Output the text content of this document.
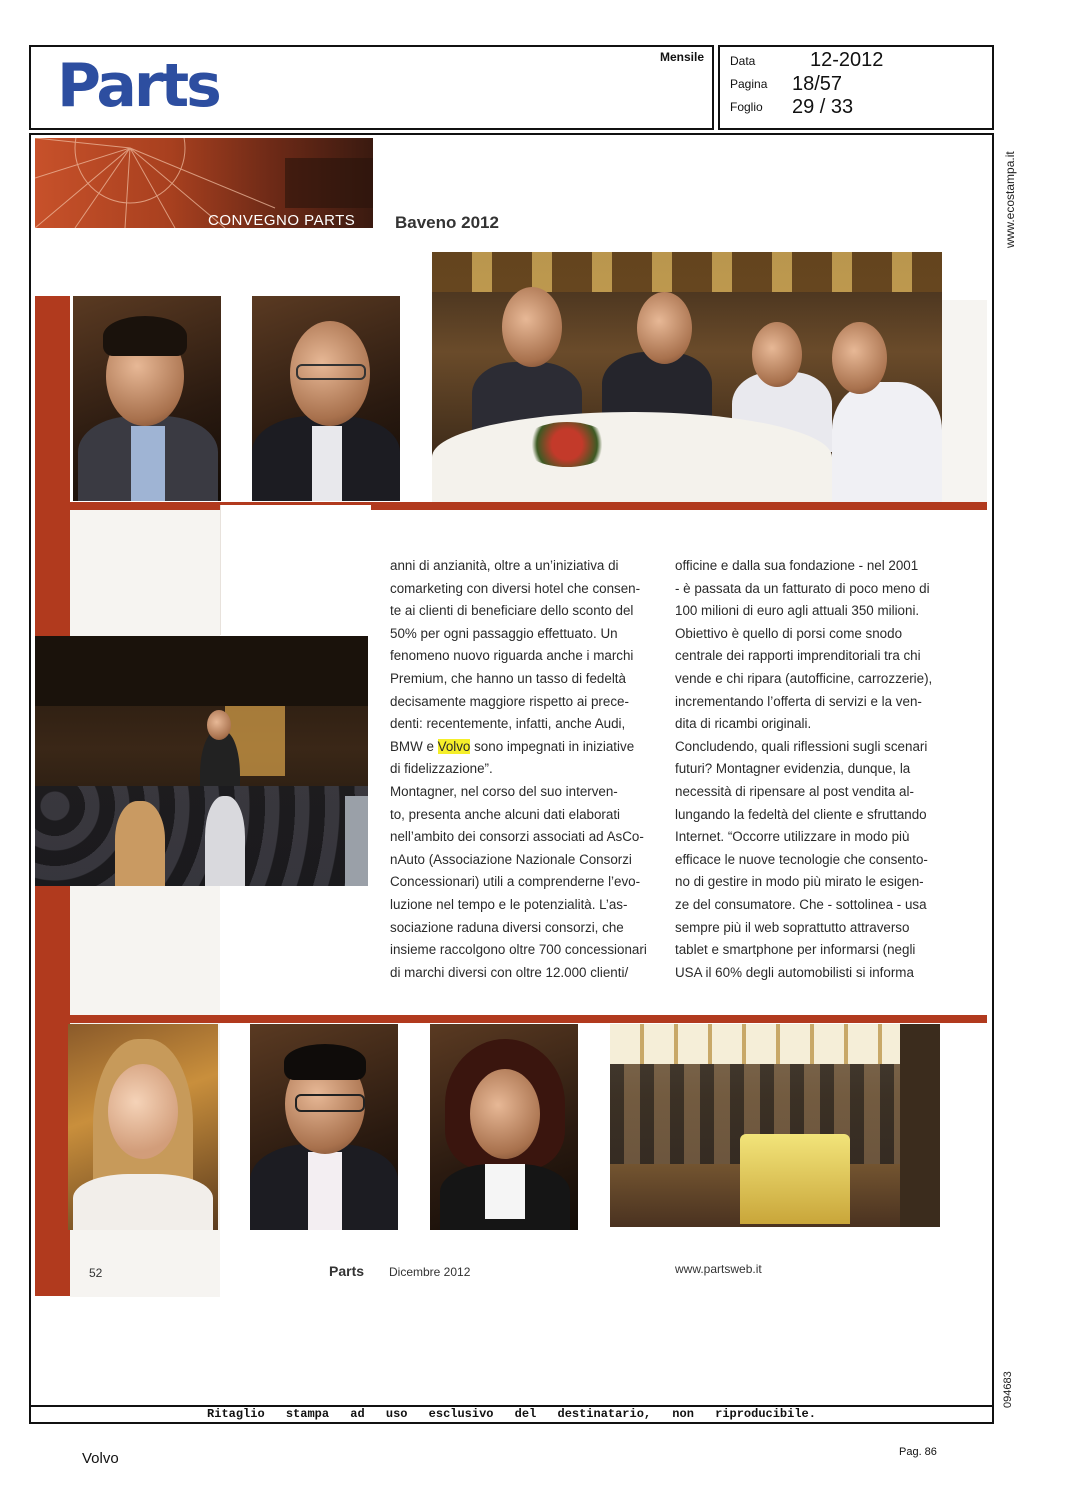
Parts	Mensile Data	12-2012
Pagina 18/57
Foglio 29 / 33
www.ecostampa.it
094683
CONVEGNO PARTS Baveno 2012
anni di anzianità, oltre a un’iniziativa di
comarketing con diversi hotel che consen-
te ai clienti di beneficiare dello sconto del
50% per ogni passaggio effettuato. Un
fenomeno nuovo riguarda anche i marchi
Premium, che hanno un tasso di fedeltà
decisamente maggiore rispetto ai prece-
denti: recentemente, infatti, anche Audi,
BMW e Volvo sono impegnati in iniziative
di fidelizzazione”.
Montagner, nel corso del suo interven-
to, presenta anche alcuni dati elaborati
nell’ambito dei consorzi associati ad AsCo-
nAuto (Associazione Nazionale Consorzi
Concessionari) utili a comprenderne l’evo-
luzione nel tempo e le potenzialità. L’as-
sociazione raduna diversi consorzi, che
insieme raccolgono oltre 700 concessionari
di marchi diversi con oltre 12.000 clienti/
officine e dalla sua fondazione - nel 2001
- è passata da un fatturato di poco meno di
100 milioni di euro agli attuali 350 milioni.
Obiettivo è quello di porsi come snodo
centrale dei rapporti imprenditoriali tra chi
vende e chi ripara (autofficine, carrozzerie),
incrementando l’offerta di servizi e la ven-
dita di ricambi originali.
Concludendo, quali riflessioni sugli scenari
futuri? Montagner evidenzia, dunque, la
necessità di ripensare al post vendita al-
lungando la fedeltà del cliente e sfruttando
Internet. “Occorre utilizzare in modo più
efficace le nuove tecnologie che consento-
no di gestire in modo più mirato le esigen-
ze del consumatore. Che - sottolinea - usa
sempre più il web soprattutto attraverso
tablet e smartphone per informarsi (negli
USA il 60% degli automobilisti si informa
52	Parts Dicembre 2012	www.partsweb.it
Ritaglio stampa ad uso esclusivo del destinatario, non riproducibile.
Volvo	Pag. 86
